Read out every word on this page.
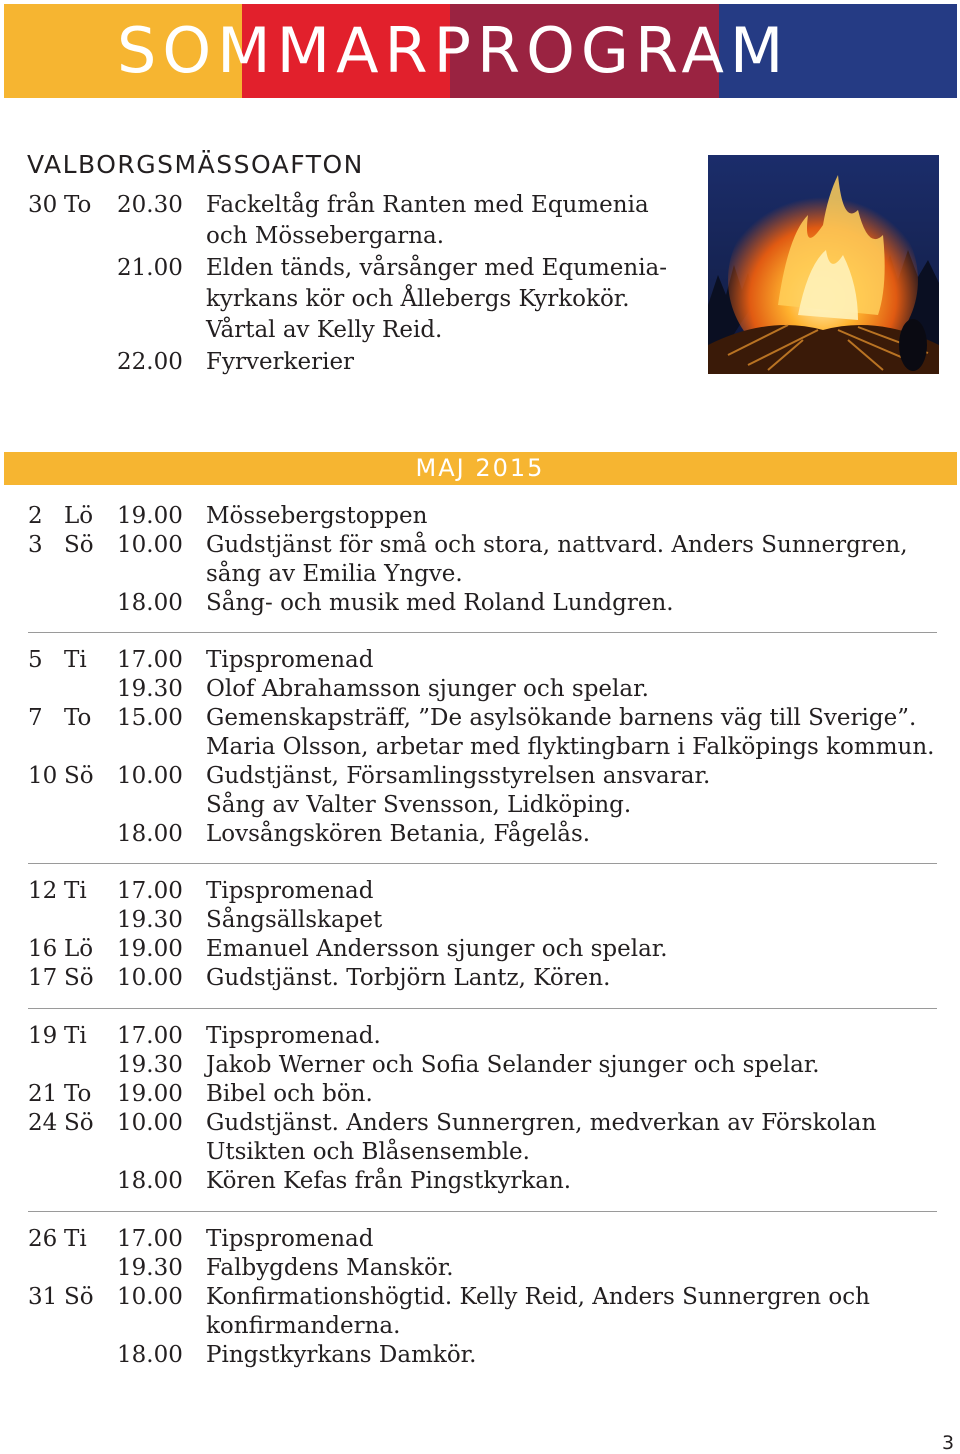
SOMMARPROGRAM
VALBORGSMÄSSOAFTON
30 To 20.30 Fackeltåg från Ranten med Equmenia
och Mössebergarna.
21.00 Elden tänds, vårsånger med Equmenia-
kyrkans kör och Ållebergs Kyrkokör.
Vårtal av Kelly Reid.
22.00 Fyrverkerier
MAJ 2015
2 Lö 19.00 Mössebergstoppen
3 Sö 10.00 Gudstjänst för små och stora, nattvard. Anders Sunnergren,
sång av Emilia Yngve.
18.00 Sång- och musik med Roland Lundgren.
5 Ti 17.00 Tipspromenad
19.30 Olof Abrahamsson sjunger och spelar.
7 To 15.00 Gemenskapsträff, ”De asylsökande barnens väg till Sverige”.
Maria Olsson, arbetar med flyktingbarn i Falköpings kommun.
10 Sö 10.00 Gudstjänst, Församlingsstyrelsen ansvarar.
Sång av Valter Svensson, Lidköping.
18.00 Lovsångskören Betania, Fågelås.
12 Ti 17.00 Tipspromenad
19.30 Sångsällskapet
16 Lö 19.00 Emanuel Andersson sjunger och spelar.
17 Sö 10.00 Gudstjänst. Torbjörn Lantz, Kören.
19 Ti 17.00 Tipspromenad.
19.30 Jakob Werner och Sofia Selander sjunger och spelar.
21 To 19.00 Bibel och bön.
24 Sö 10.00 Gudstjänst. Anders Sunnergren, medverkan av Förskolan
Utsikten och Blåsensemble.
18.00 Kören Kefas från Pingstkyrkan.
26 Ti 17.00 Tipspromenad
19.30 Falbygdens Manskör.
31 Sö 10.00 Konfirmationshögtid. Kelly Reid, Anders Sunnergren och
konfirmanderna.
18.00 Pingstkyrkans Damkör.
3
